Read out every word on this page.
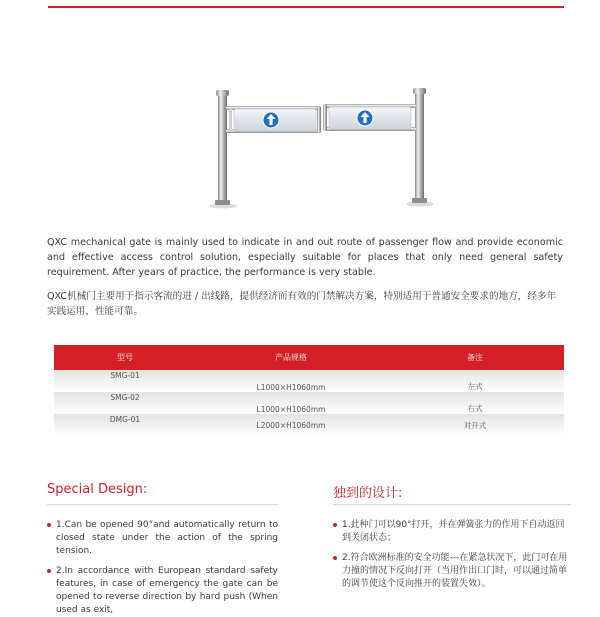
QXC mechanical gate is mainly used to indicate in and out route of passenger flow and provide economic and effective access control solution, especially suitable for places that only need general safety requirement. After years of practice, the performance is very stable.
QXC机械门主要用于指示客流的进 / 出线路，提供经济而有效的门禁解决方案，特别适用于普通安全要求的地方，经多年实践运用，性能可靠。
型号	产品规格	备注
SMG-01	L1000×H1060mm	左式
SMG-02	L1000×H1060mm	右式
DMG-01	L2000×H1060mm	对开式
Special Design:	独到的设计:
1.Can be opened 90°and automatically return to closed state under the action of the spring tension.
2.In accordance with European standard safety features, in case of emergency the gate can be opened to reverse direction by hard push (When used as exit,
1.此种门可以90°打开，并在弹簧张力的作用下自动返回到关闭状态；
2.符合欧洲标准的安全功能---在紧急状况下，此门可在用力撞的情况下反向打开（当用作出口门时，可以通过简单的调节使这个反向推开的装置失效）。
